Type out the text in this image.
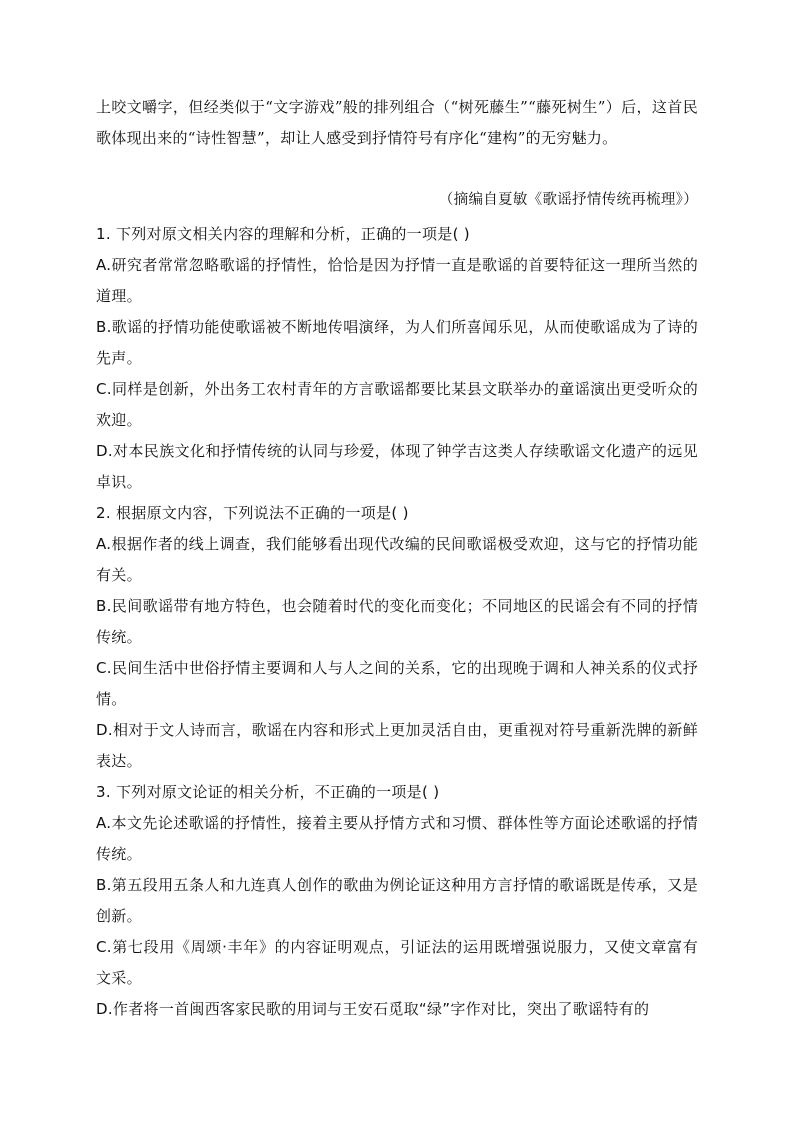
上咬文嚼字，但经类似于“文字游戏”般的排列组合（“树死藤生”“藤死树生”）后，这首民歌体现出来的“诗性智慧”，却让人感受到抒情符号有序化“建构”的无穷魅力。

（摘编自夏敏《歌谣抒情传统再梳理》）

1. 下列对原文相关内容的理解和分析，正确的一项是( )

A.研究者常常忽略歌谣的抒情性，恰恰是因为抒情一直是歌谣的首要特征这一理所当然的道理。

B.歌谣的抒情功能使歌谣被不断地传唱演绎，为人们所喜闻乐见，从而使歌谣成为了诗的先声。

C.同样是创新，外出务工农村青年的方言歌谣都要比某县文联举办的童谣演出更受听众的欢迎。

D.对本民族文化和抒情传统的认同与珍爱，体现了钟学吉这类人存续歌谣文化遗产的远见卓识。

2. 根据原文内容，下列说法不正确的一项是( )

A.根据作者的线上调查，我们能够看出现代改编的民间歌谣极受欢迎，这与它的抒情功能有关。

B.民间歌谣带有地方特色，也会随着时代的变化而变化；不同地区的民谣会有不同的抒情传统。

C.民间生活中世俗抒情主要调和人与人之间的关系，它的出现晚于调和人神关系的仪式抒情。

D.相对于文人诗而言，歌谣在内容和形式上更加灵活自由，更重视对符号重新洗牌的新鲜表达。

3. 下列对原文论证的相关分析，不正确的一项是( )

A.本文先论述歌谣的抒情性，接着主要从抒情方式和习惯、群体性等方面论述歌谣的抒情传统。

B.第五段用五条人和九连真人创作的歌曲为例论证这种用方言抒情的歌谣既是传承，又是创新。

C.第七段用《周颂·丰年》的内容证明观点，引证法的运用既增强说服力，又使文章富有文采。

D.作者将一首闽西客家民歌的用词与王安石觅取“绿”字作对比，突出了歌谣特有的
